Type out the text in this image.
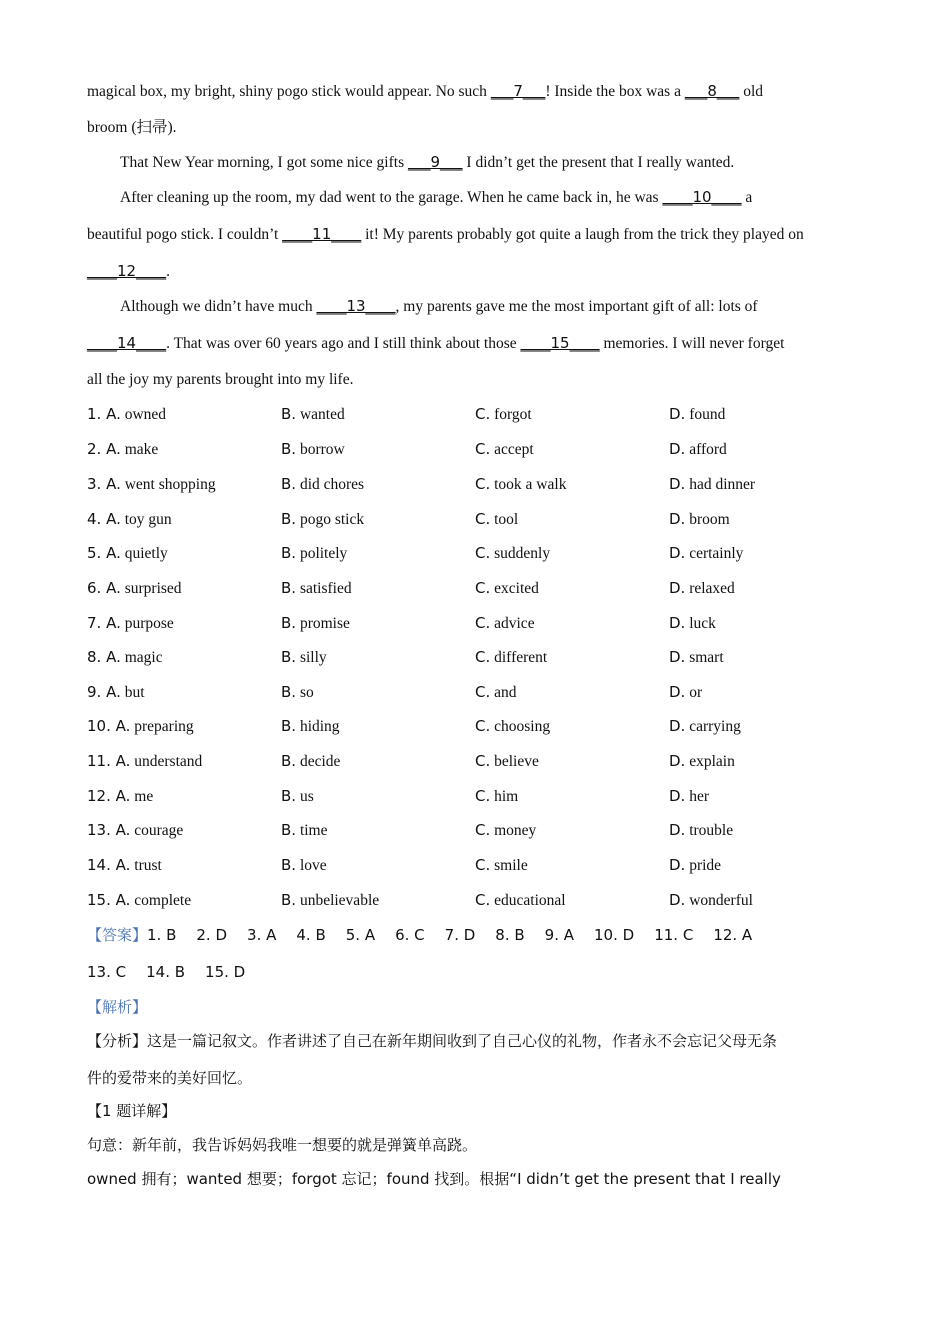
magical box, my bright, shiny pogo stick would appear. No such ___7___! Inside the box was a ___8___ old
broom (扫帚).
That New Year morning, I got some nice gifts ___9___ I didn’t get the present that I really wanted.
After cleaning up the room, my dad went to the garage. When he came back in, he was ____10____ a
beautiful pogo stick. I couldn’t ____11____ it! My parents probably got quite a laugh from the trick they played on
____12____.
Although we didn’t have much ____13____, my parents gave me the most important gift of all: lots of
____14____. That was over 60 years ago and I still think about those ____15____ memories. I will never forget
all the joy my parents brought into my life.
1. A. owned	B. wanted	C. forgot	D. found
2. A. make	B. borrow	C. accept	D. afford
3. A. went shopping	B. did chores	C. took a walk	D. had dinner
4. A. toy gun	B. pogo stick	C. tool	D. broom
5. A. quietly	B. politely	C. suddenly	D. certainly
6. A. surprised	B. satisfied	C. excited	D. relaxed
7. A. purpose	B. promise	C. advice	D. luck
8. A. magic	B. silly	C. different	D. smart
9. A. but	B. so	C. and	D. or
10. A. preparing	B. hiding	C. choosing	D. carrying
11. A. understand	B. decide	C. believe	D. explain
12. A. me	B. us	C. him	D. her
13. A. courage	B. time	C. money	D. trouble
14. A. trust	B. love	C. smile	D. pride
15. A. complete	B. unbelievable	C. educational	D. wonderful
【答案】1. B 2. D 3. A 4. B 5. A 6. C 7. D 8. B 9. A 10. D 11. C 12. A
13. C 14. B 15. D
【解析】
【分析】这是一篇记叙文。作者讲述了自己在新年期间收到了自己心仪的礼物，作者永不会忘记父母无条
件的爱带来的美好回忆。
【1 题详解】
句意：新年前，我告诉妈妈我唯一想要的就是弹簧单高跷。
owned 拥有；wanted 想要；forgot 忘记；found 找到。根据“I didn’t get the present that I really
